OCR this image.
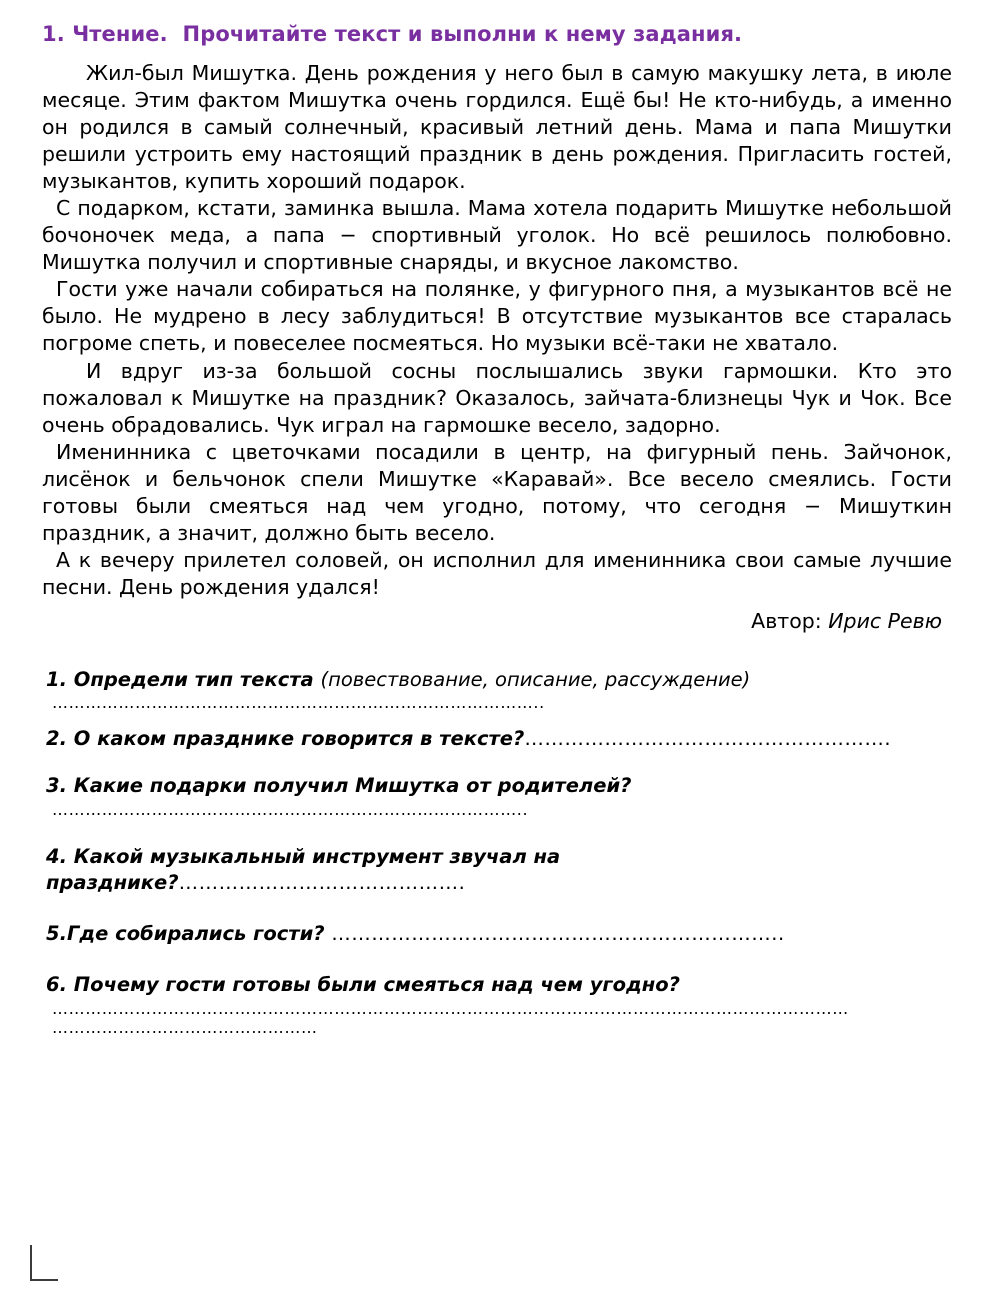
1. Чтение.  Прочитайте текст и выполни к нему задания.

Жил-был Мишутка. День рождения у него был в самую макушку лета, в июле месяце. Этим фактом Мишутка очень гордился. Ещё бы! Не кто-нибудь, а именно он родился в самый солнечный, красивый летний день. Мама и папа Мишутки решили устроить ему настоящий праздник в день рождения. Пригласить гостей, музыкантов, купить хороший подарок.

С подарком, кстати, заминка вышла. Мама хотела подарить Мишутке небольшой бочоночек меда, а папа − спортивный уголок. Но всё решилось полюбовно. Мишутка получил и спортивные снаряды, и вкусное лакомство.

Гости уже начали собираться на полянке, у фигурного пня, а музыкантов всё не было. Не мудрено в лесу заблудиться! В отсутствие музыкантов все старалась погроме спеть, и повеселее посмеяться. Но музыки всё-таки не хватало.

И вдруг из-за большой сосны послышались звуки гармошки. Кто это пожаловал к Мишутке на праздник? Оказалось, зайчата-близнецы Чук и Чок. Все очень обрадовались. Чук играл на гармошке весело, задорно.

Именинника с цветочками посадили в центр, на фигурный пень. Зайчонок, лисёнок и бельчонок спели Мишутке «Каравай». Все весело смеялись. Гости готовы были смеяться над чем угодно, потому, что сегодня − Мишуткин праздник, а значит, должно быть весело.

А к вечеру прилетел соловей, он исполнил для именинника свои самые лучшие песни. День рождения удался!

Автор: Ирис Ревю

1. Определи тип текста (повествование, описание, рассуждение)

……………………………………………………………………………..

2. О каком празднике говорится в тексте?……………………………………………….

3. Какие подарки получил Мишутка от родителей?

…………………………………………………………………………..

4. Какой музыкальный инструмент звучал на празднике?…………………………………….

5.Где собирались гости? …………………………………………………………..

6. Почему гости готовы были смеяться над чем угодно?

………………………………………………………………………………………………………………………………
…………………………………………
